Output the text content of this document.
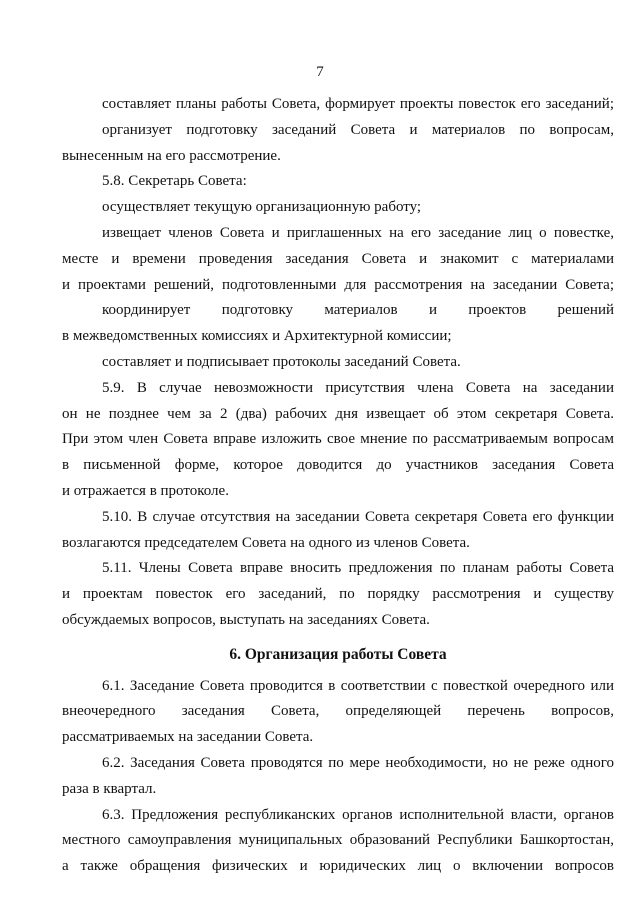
7
составляет планы работы Совета, формирует проекты повесток его заседаний;
организует подготовку заседаний Совета и материалов по вопросам,
вынесенным на его рассмотрение.
5.8. Секретарь Совета:
осуществляет текущую организационную работу;
извещает членов Совета и приглашенных на его заседание лиц о повестке,
месте и времени проведения заседания Совета и знакомит с материалами
и проектами решений, подготовленными для рассмотрения на заседании Совета;
координирует подготовку материалов и проектов решений
в межведомственных комиссиях и Архитектурной комиссии;
составляет и подписывает протоколы заседаний Совета.
5.9. В случае невозможности присутствия члена Совета на заседании
он не позднее чем за 2 (два) рабочих дня извещает об этом секретаря Совета.
При этом член Совета вправе изложить свое мнение по рассматриваемым вопросам
в письменной форме, которое доводится до участников заседания Совета
и отражается в протоколе.
5.10. В случае отсутствия на заседании Совета секретаря Совета его функции
возлагаются председателем Совета на одного из членов Совета.
5.11. Члены Совета вправе вносить предложения по планам работы Совета
и проектам повесток его заседаний, по порядку рассмотрения и существу
обсуждаемых вопросов, выступать на заседаниях Совета.
6. Организация работы Совета
6.1. Заседание Совета проводится в соответствии с повесткой очередного или
внеочередного заседания Совета, определяющей перечень вопросов,
рассматриваемых на заседании Совета.
6.2. Заседания Совета проводятся по мере необходимости, но не реже одного
раза в квартал.
6.3. Предложения республиканских органов исполнительной власти, органов
местного самоуправления муниципальных образований Республики Башкортостан,
а также обращения физических и юридических лиц о включении вопросов
